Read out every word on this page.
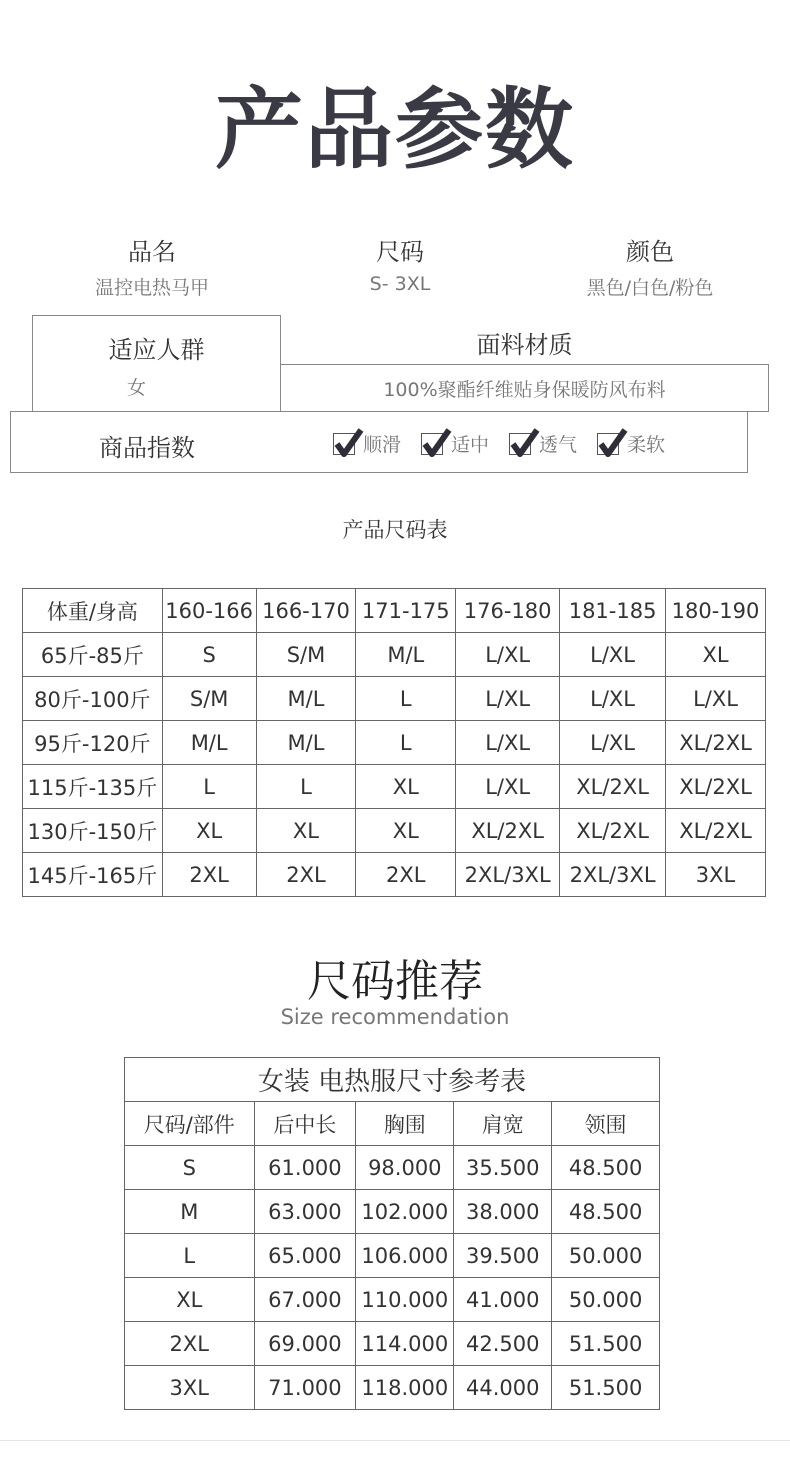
产品参数
品名
温控电热马甲
尺码
S- 3XL
颜色
黑色/白色/粉色
适应人群
女
面料材质
100%聚酯纤维贴身保暖防风布料
商品指数	顺滑	适中	透气	柔软
产品尺码表
体重/身高	160-166	166-170	171-175	176-180	181-185	180-190
65斤-85斤	S	S/M	M/L	L/XL	L/XL	XL
80斤-100斤	S/M	M/L	L	L/XL	L/XL	L/XL
95斤-120斤	M/L	M/L	L	L/XL	L/XL	XL/2XL
115斤-135斤	L	L	XL	L/XL	XL/2XL	XL/2XL
130斤-150斤	XL	XL	XL	XL/2XL	XL/2XL	XL/2XL
145斤-165斤	2XL	2XL	2XL	2XL/3XL	2XL/3XL	3XL
尺码推荐
Size recommendation
女装 电热服尺寸参考表				
尺码/部件	后中长	胸围	肩宽	领围
S	61.000	98.000	35.500	48.500
M	63.000	102.000	38.000	48.500
L	65.000	106.000	39.500	50.000
XL	67.000	110.000	41.000	50.000
2XL	69.000	114.000	42.500	51.500
3XL	71.000	118.000	44.000	51.500
